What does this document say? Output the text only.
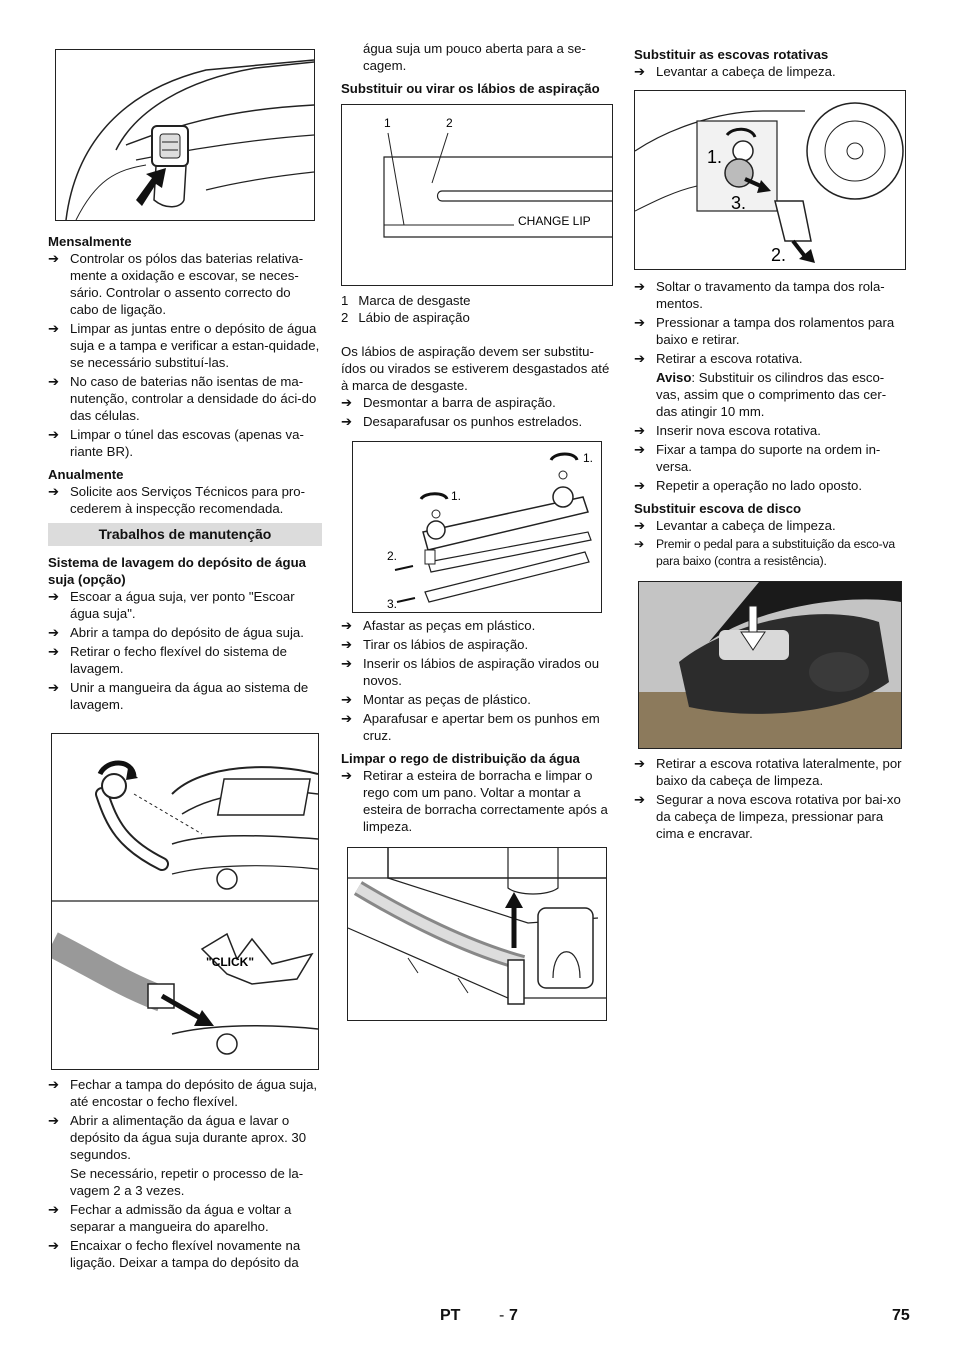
Mensalmente

➔ Controlar os pólos das baterias relativa-mente a oxidação e escovar, se neces-sário. Controlar o assento correcto do cabo de ligação.
➔ Limpar as juntas entre o depósito de água suja e a tampa e verificar a estan-quidade, se necessário substituí-las.
➔ No caso de baterias não isentas de ma-nutenção, controlar a densidade do áci-do das células.
➔ Limpar o túnel das escovas (apenas va-riante BR).

Anualmente

➔ Solicite aos Serviços Técnicos para pro-cederem à inspecção recomendada.
Trabalhos de manutenção

Sistema de lavagem do depósito de água suja (opção)

➔ Escoar a água suja, ver ponto "Escoar água suja".
➔ Abrir a tampa do depósito de água suja.
➔ Retirar o fecho flexível do sistema de lavagem.
➔ Unir a mangueira da água ao sistema de lavagem.
"CLICK"
➔ Fechar a tampa do depósito de água suja, até encostar o fecho flexível.
➔ Abrir a alimentação da água e lavar o depósito da água suja durante aprox. 30 segundos.
Se necessário, repetir o processo de la-vagem 2 a 3 vezes.
➔ Fechar a admissão da água e voltar a separar a mangueira do aparelho.
➔ Encaixar o fecho flexível novamente na ligação. Deixar a tampa do depósito da
água suja um pouco aberta para a se-cagem.

Substituir ou virar os lábios de aspiração

1	2
CHANGE LIP
1 Marca de desgaste
2 Lábio de aspiração

Os lábios de aspiração devem ser substitu-ídos ou virados se estiverem desgastados até à marca de desgaste.

➔ Desmontar a barra de aspiração.
➔ Desaparafusar os punhos estrelados.
1.
1.
2.
3.
➔ Afastar as peças em plástico.
➔ Tirar os lábios de aspiração.
➔ Inserir os lábios de aspiração virados ou novos.
➔ Montar as peças de plástico.
➔ Aparafusar e apertar bem os punhos em cruz.

Limpar o rego de distribuição da água

➔ Retirar a esteira de borracha e limpar o rego com um pano. Voltar a montar a esteira de borracha correctamente após a limpeza.

Substituir as escovas rotativas

➔ Levantar a cabeça de limpeza.
1.
3.
2.
➔ Soltar o travamento da tampa dos rola-mentos.
➔ Pressionar a tampa dos rolamentos para baixo e retirar.
➔ Retirar a escova rotativa.
Aviso: Substituir os cilindros das esco-vas, assim que o comprimento das cer-das atingir 10 mm.
➔ Inserir nova escova rotativa.
➔ Fixar a tampa do suporte na ordem in-versa.
➔ Repetir a operação no lado oposto.

Substituir escova de disco

➔ Levantar a cabeça de limpeza.
➔ Premir o pedal para a substituição da esco-va para baixo (contra a resistência).
➔ Retirar a escova rotativa lateralmente, por baixo da cabeça de limpeza.
➔ Segurar a nova escova rotativa por bai-xo da cabeça de limpeza, pressionar para cima e encravar.
PT - 7	75
